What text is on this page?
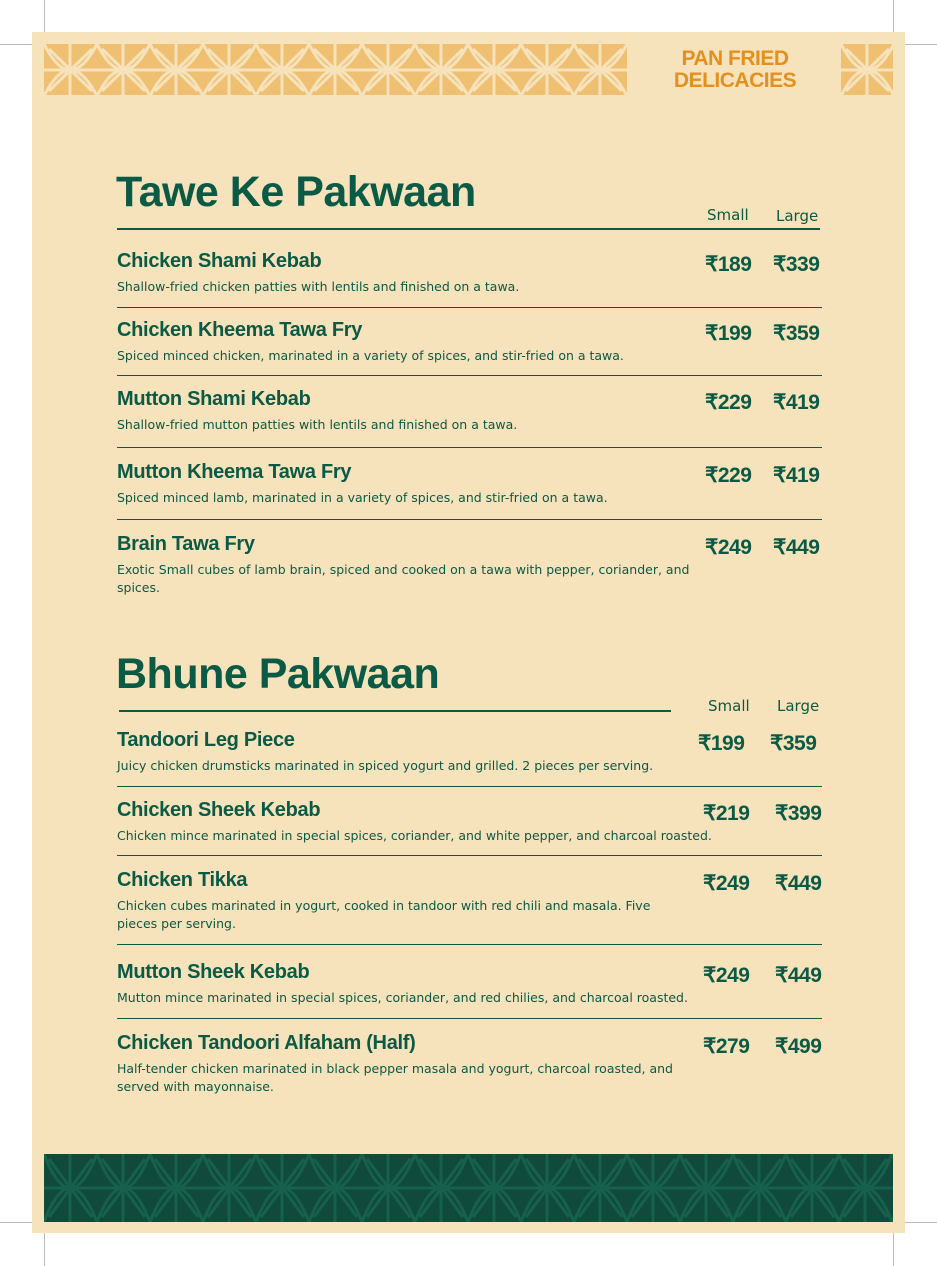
PAN FRIED
DELICACIES
Tawe Ke Pakwaan	Small Large
Bhune Pakwaan
Small Large
Chicken Shami Kebab
Shallow-fried chicken patties with lentils and finished on a tawa.
₹189 ₹339
Chicken Kheema Tawa Fry
Spiced minced chicken, marinated in a variety of spices, and stir-fried on a tawa.
₹199 ₹359
Mutton Shami Kebab
Shallow-fried mutton patties with lentils and finished on a tawa.
₹229 ₹419
Mutton Kheema Tawa Fry
Spiced minced lamb, marinated in a variety of spices, and stir-fried on a tawa.
₹229 ₹419
Brain Tawa Fry
Exotic Small cubes of lamb brain, spiced and cooked on a tawa with pepper, coriander, and spices.
₹249 ₹449
Tandoori Leg Piece
Juicy chicken drumsticks marinated in spiced yogurt and grilled. 2 pieces per serving.
₹199 ₹359
Chicken Sheek Kebab
Chicken mince marinated in special spices, coriander, and white pepper, and charcoal roasted.
₹219 ₹399
Chicken Tikka
Chicken cubes marinated in yogurt, cooked in tandoor with red chili and masala. Five pieces per serving.
₹249 ₹449
Mutton Sheek Kebab
Mutton mince marinated in special spices, coriander, and red chilies, and charcoal roasted.
₹249 ₹449
Chicken Tandoori Alfaham (Half)
Half-tender chicken marinated in black pepper masala and yogurt, charcoal roasted, and served with mayonnaise.
₹279 ₹499
